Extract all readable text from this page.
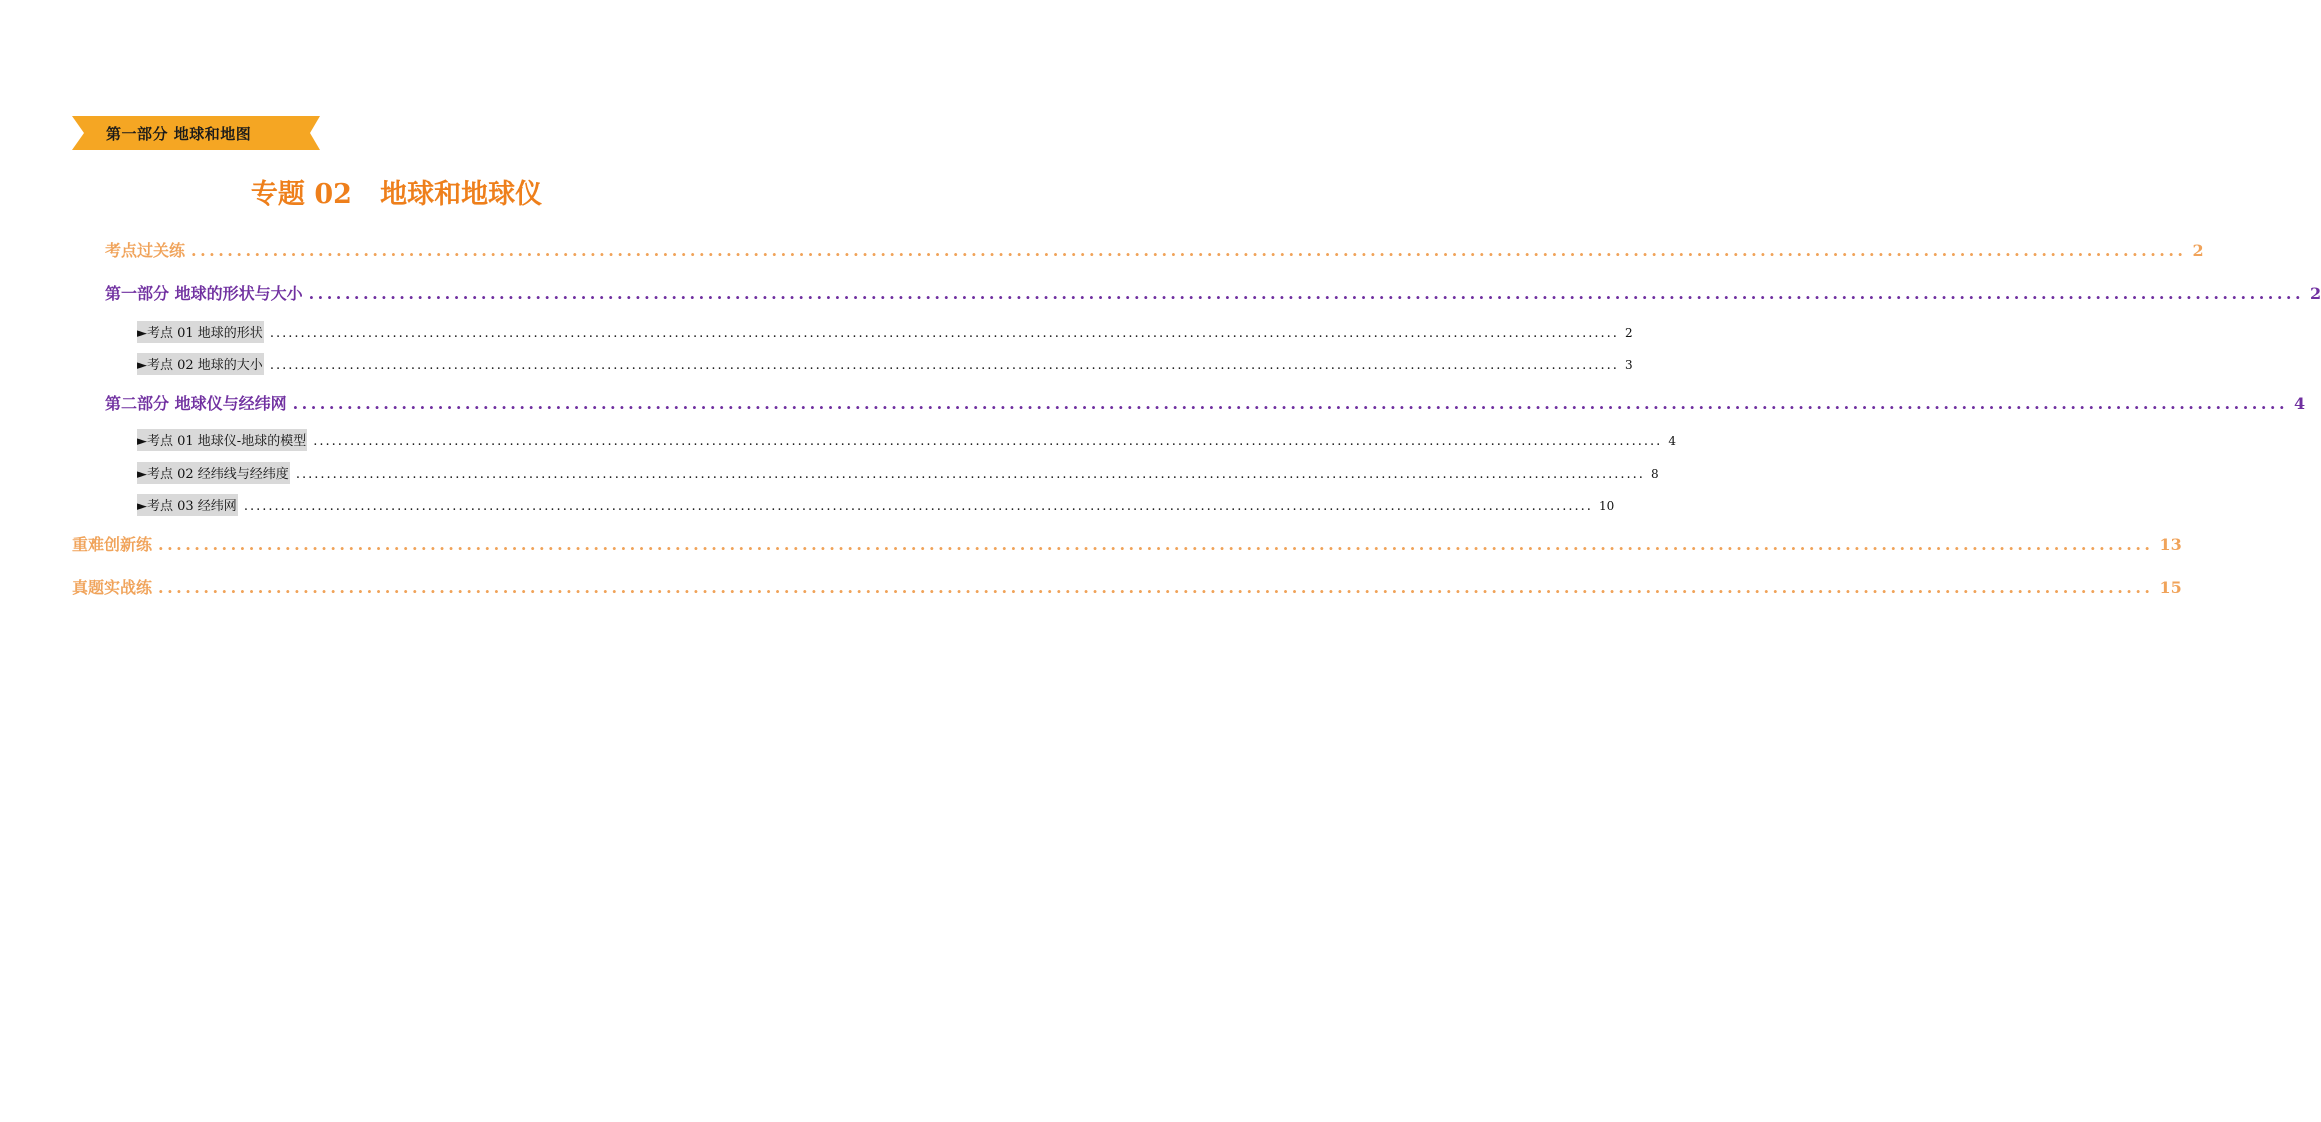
第一部分 地球和地图
专题 02 地球和地球仪
考点过关练 ............................................................................................................................................................................................................................ 2
第一部分 地球的形状与大小 ............................................................................................................................................................................................................................ 2
►考点 01 地球的形状 ............................................................................................................................................................................................................................ 2
►考点 02 地球的大小 ............................................................................................................................................................................................................................ 3
第二部分 地球仪与经纬网 ............................................................................................................................................................................................................................ 4
►考点 01 地球仪-地球的模型 ............................................................................................................................................................................................................................ 4
►考点 02 经纬线与经纬度 ............................................................................................................................................................................................................................ 8
►考点 03 经纬网 ............................................................................................................................................................................................................................ 10
重难创新练 ............................................................................................................................................................................................................................ 13
真题实战练 ............................................................................................................................................................................................................................ 15
